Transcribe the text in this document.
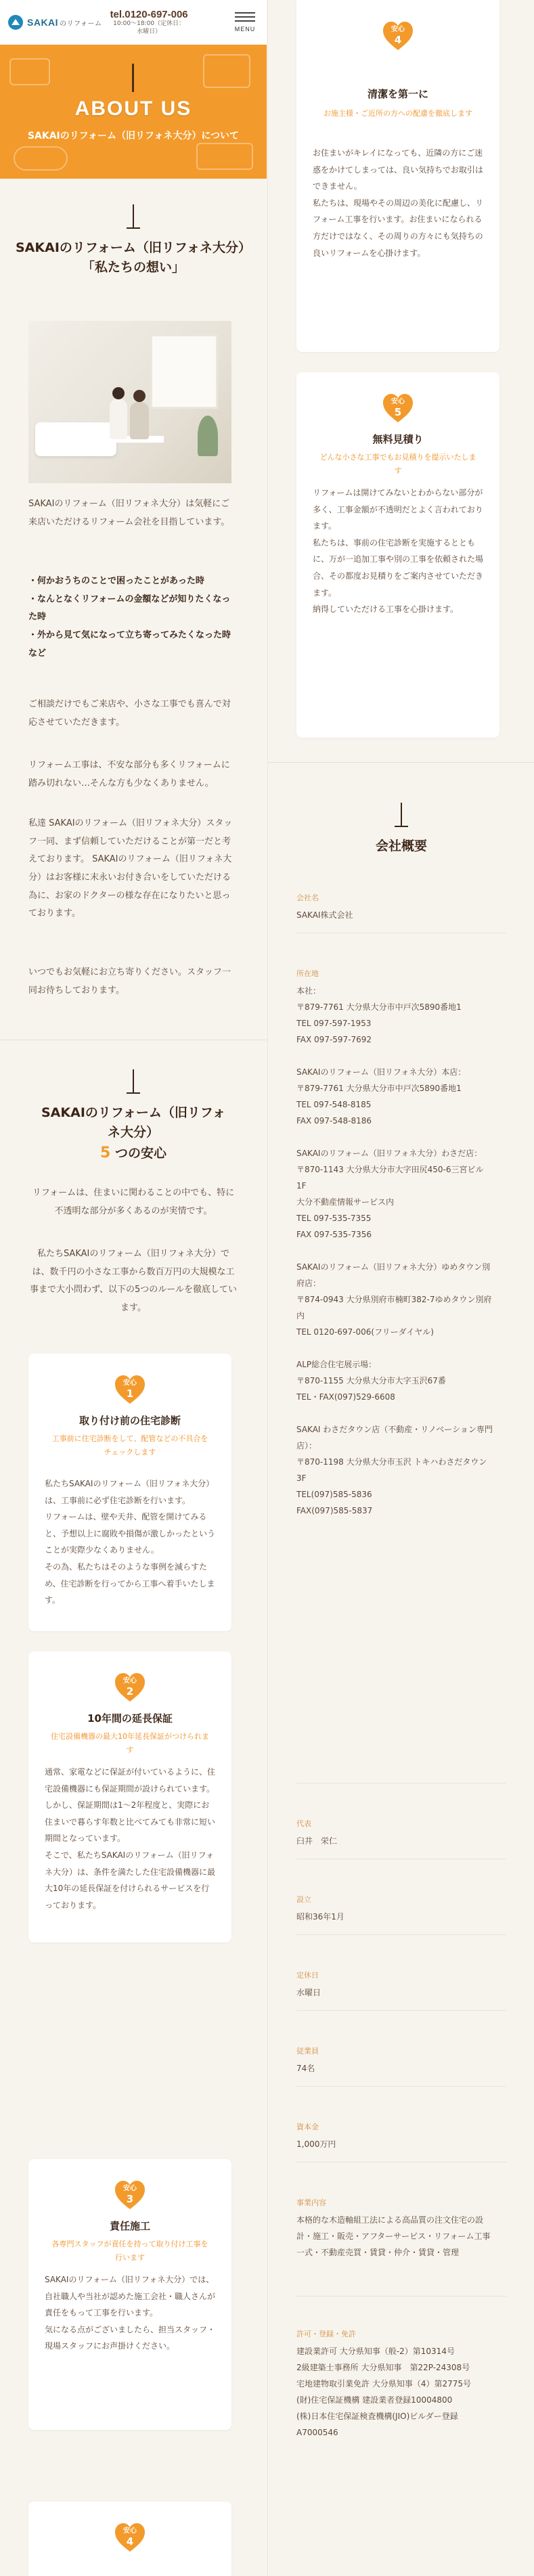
SAKAI のリフォーム
tel.0120-697-006
10:00～18:00（定休日：
水曜日）	MENU
ABOUT US
SAKAIのリフォーム（旧リフォネ大分）について
SAKAIのリフォーム（旧リフォネ大分）「私たちの想い」

SAKAIのリフォーム（旧リフォネ大分）は気軽にご来店いただけるリフォーム会社を目指しています。

・何かおうちのことで困ったことがあった時
・なんとなくリフォームの金額などが知りたくなった時
・外から見て気になって立ち寄ってみたくなった時　など

ご相談だけでもご来店や、小さな工事でも喜んで対応させていただきます。

リフォーム工事は、不安な部分も多くリフォームに踏み切れない…そんな方も少なくありません。

私達 SAKAIのリフォーム（旧リフォネ大分）スタッフ一同、まず信頼していただけることが第一だと考えております。 SAKAIのリフォーム（旧リフォネ大分）はお客様に末永いお付き合いをしていただける為に、お家のドクターの様な存在になりたいと思っております。

いつでもお気軽にお立ち寄りください。スタッフ一同お待ちしております。

SAKAIのリフォーム（旧リフォ
ネ大分）
5 つの安心

リフォームは、住まいに関わることの中でも、特に不透明な部分が多くあるのが実情です。

私たちSAKAIのリフォーム（旧リフォネ大分）では、数千円の小さな工事から数百万円の大規模な工事まで大小問わず、以下の5つのルールを徹底しています。

安心
1
取り付け前の住宅診断
工事前に住宅診断をして、配管などの不具合をチェックします
私たちSAKAIのリフォーム（旧リフォネ大分）は、工事前に必ず住宅診断を行います。
リフォームは、壁や天井、配管を開けてみると、予想以上に腐敗や損傷が激しかったということが実際少なくありません。
その為、私たちはそのような事例を減らすため、住宅診断を行ってから工事へ着手いたします。
安心
2
10年間の延長保証
住宅設備機器の最大10年延長保証がつけられます
通常、家電などに保証が付いているように、住宅設備機器にも保証期間が設けられています。
しかし、保証期間は1～2年程度と、実際にお住まいで暮らす年数と比べてみても非常に短い期間となっています。
そこで、私たちSAKAIのリフォーム（旧リフォネ大分）は、条件を満たした住宅設備機器に最大10年の延長保証を付けられるサービスを行っております。
安心
3
責任施工
各専門スタッフが責任を持って取り付け工事を行います
SAKAIのリフォーム（旧リフォネ大分）では、自社職人や当社が認めた施工会社・職人さんが責任をもって工事を行います。
気になる点がございましたら、担当スタッフ・現場スタッフにお声掛けください。
安心
4
安心
4
清潔を第一に
お施主様・ご近所の方への配慮を徹底します
お住まいがキレイになっても、近隣の方にご迷惑をかけてしまっては、良い気持ちでお取引はできません。
私たちは、現場やその周辺の美化に配慮し、リフォーム工事を行います。お住まいになられる方だけではなく、その周りの方々にも気持ちの良いリフォームを心掛けます。
安心
5
無料見積り
どんな小さな工事でもお見積りを提示いたします
リフォームは開けてみないとわからない部分が多く、工事金額が不透明だとよく言われております。
私たちは、事前の住宅診断を実施するとともに、万が一追加工事や別の工事を依頼された場合、その都度お見積りをご案内させていただきます。
納得していただける工事を心掛けます。
会社概要
会社名
SAKAI株式会社
所在地
本社：
〒879-7761 大分県大分市中戸次5890番地1
TEL 097-597-1953
FAX 097-597-7692

SAKAIのリフォーム（旧リフォネ大分）本店：
〒879-7761 大分県大分市中戸次5890番地1
TEL 097-548-8185
FAX 097-548-8186

SAKAIのリフォーム（旧リフォネ大分）わさだ店：
〒870-1143 大分県大分市大字田尻450-6三宮ビル1F
大分不動産情報サービス内
TEL 097-535-7355
FAX 097-535-7356

SAKAIのリフォーム（旧リフォネ大分）ゆめタウン別府店：
〒874-0943 大分県別府市楠町382-7ゆめタウン別府内
TEL 0120-697-006(フリーダイヤル)

ALP総合住宅展示場：
〒870-1155 大分県大分市大字玉沢67番
TEL・FAX(097)529-6608

SAKAI わさだタウン店（不動産・リノベーション専門店）：
〒870-1198 大分県大分市玉沢 トキハわさだタウン3F
TEL(097)585-5836
FAX(097)585-5837
代表
臼井　栄仁
設立
昭和36年1月
定休日
水曜日
従業員
74名
資本金
1,000万円
事業内容
本格的な木造軸組工法による高品質の注文住宅の設計・施工・販売・アフターサービス・リフォーム工事一式・不動産売買・賃貸・仲介・賃貸・管理
許可・登録・免許
建設業許可 大分県知事（般-2）第10314号
2級建築士事務所 大分県知事　第22P-24308号
宅地建物取引業免許 大分県知事（4）第2775号
(財)住宅保証機構 建設業者登録10004800
(株)日本住宅保証検査機構(JIO)ビルダー登録A7000546
